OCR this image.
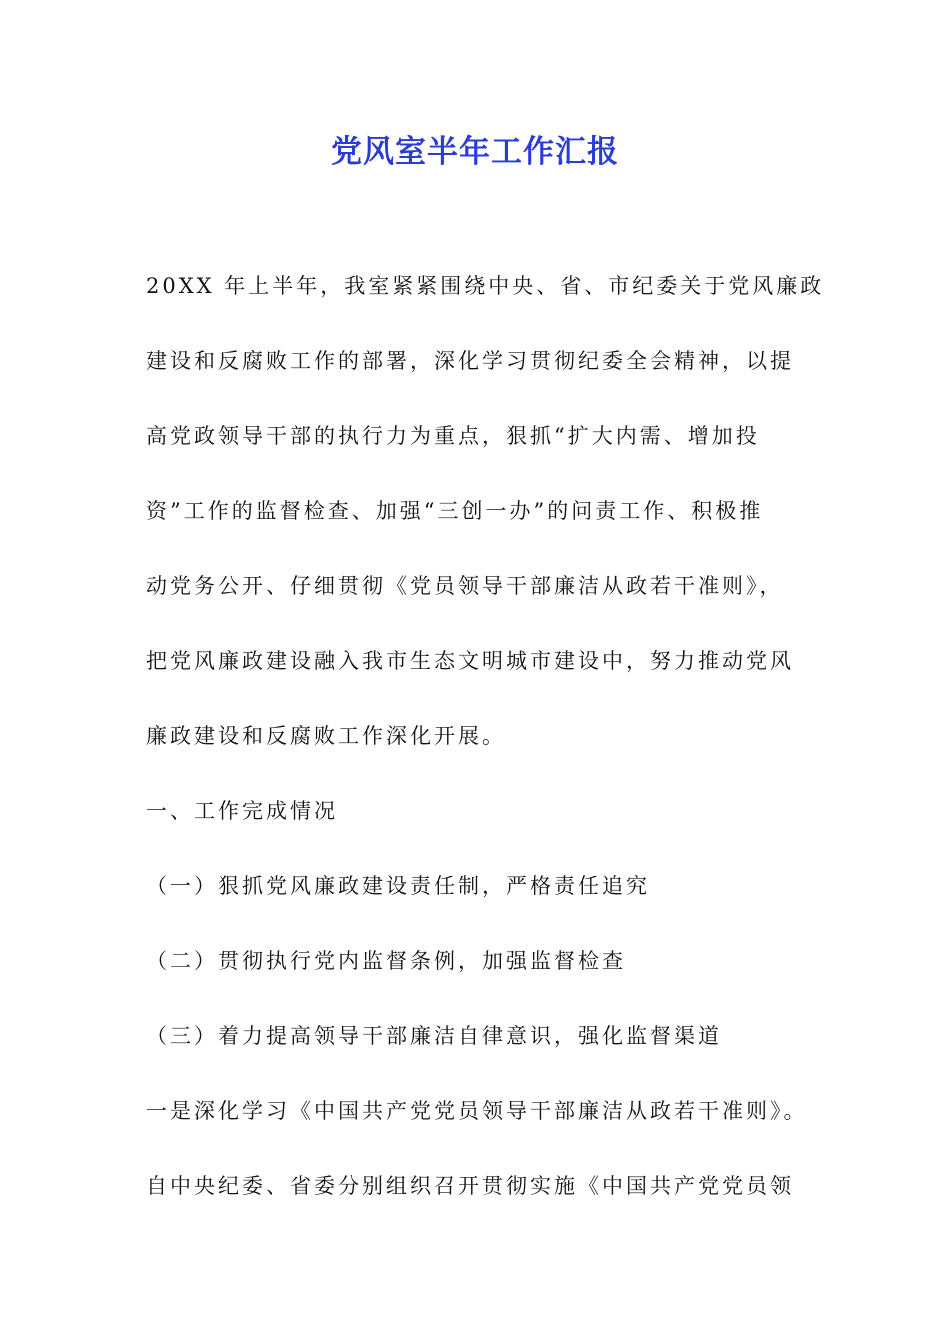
党风室半年工作汇报

20XX 年上半年，我室紧紧围绕中央、省、市纪委关于党风廉政

建设和反腐败工作的部署，深化学习贯彻纪委全会精神，以提

高党政领导干部的执行力为重点，狠抓“扩大内需、增加投

资”工作的监督检查、加强“三创一办”的问责工作、积极推

动党务公开、仔细贯彻《党员领导干部廉洁从政若干准则》，

把党风廉政建设融入我市生态文明城市建设中，努力推动党风

廉政建设和反腐败工作深化开展。

一、工作完成情况

（一）狠抓党风廉政建设责任制，严格责任追究

（二）贯彻执行党内监督条例，加强监督检查

（三）着力提高领导干部廉洁自律意识，强化监督渠道

一是深化学习《中国共产党党员领导干部廉洁从政若干准则》。

自中央纪委、省委分别组织召开贯彻实施《中国共产党党员领
